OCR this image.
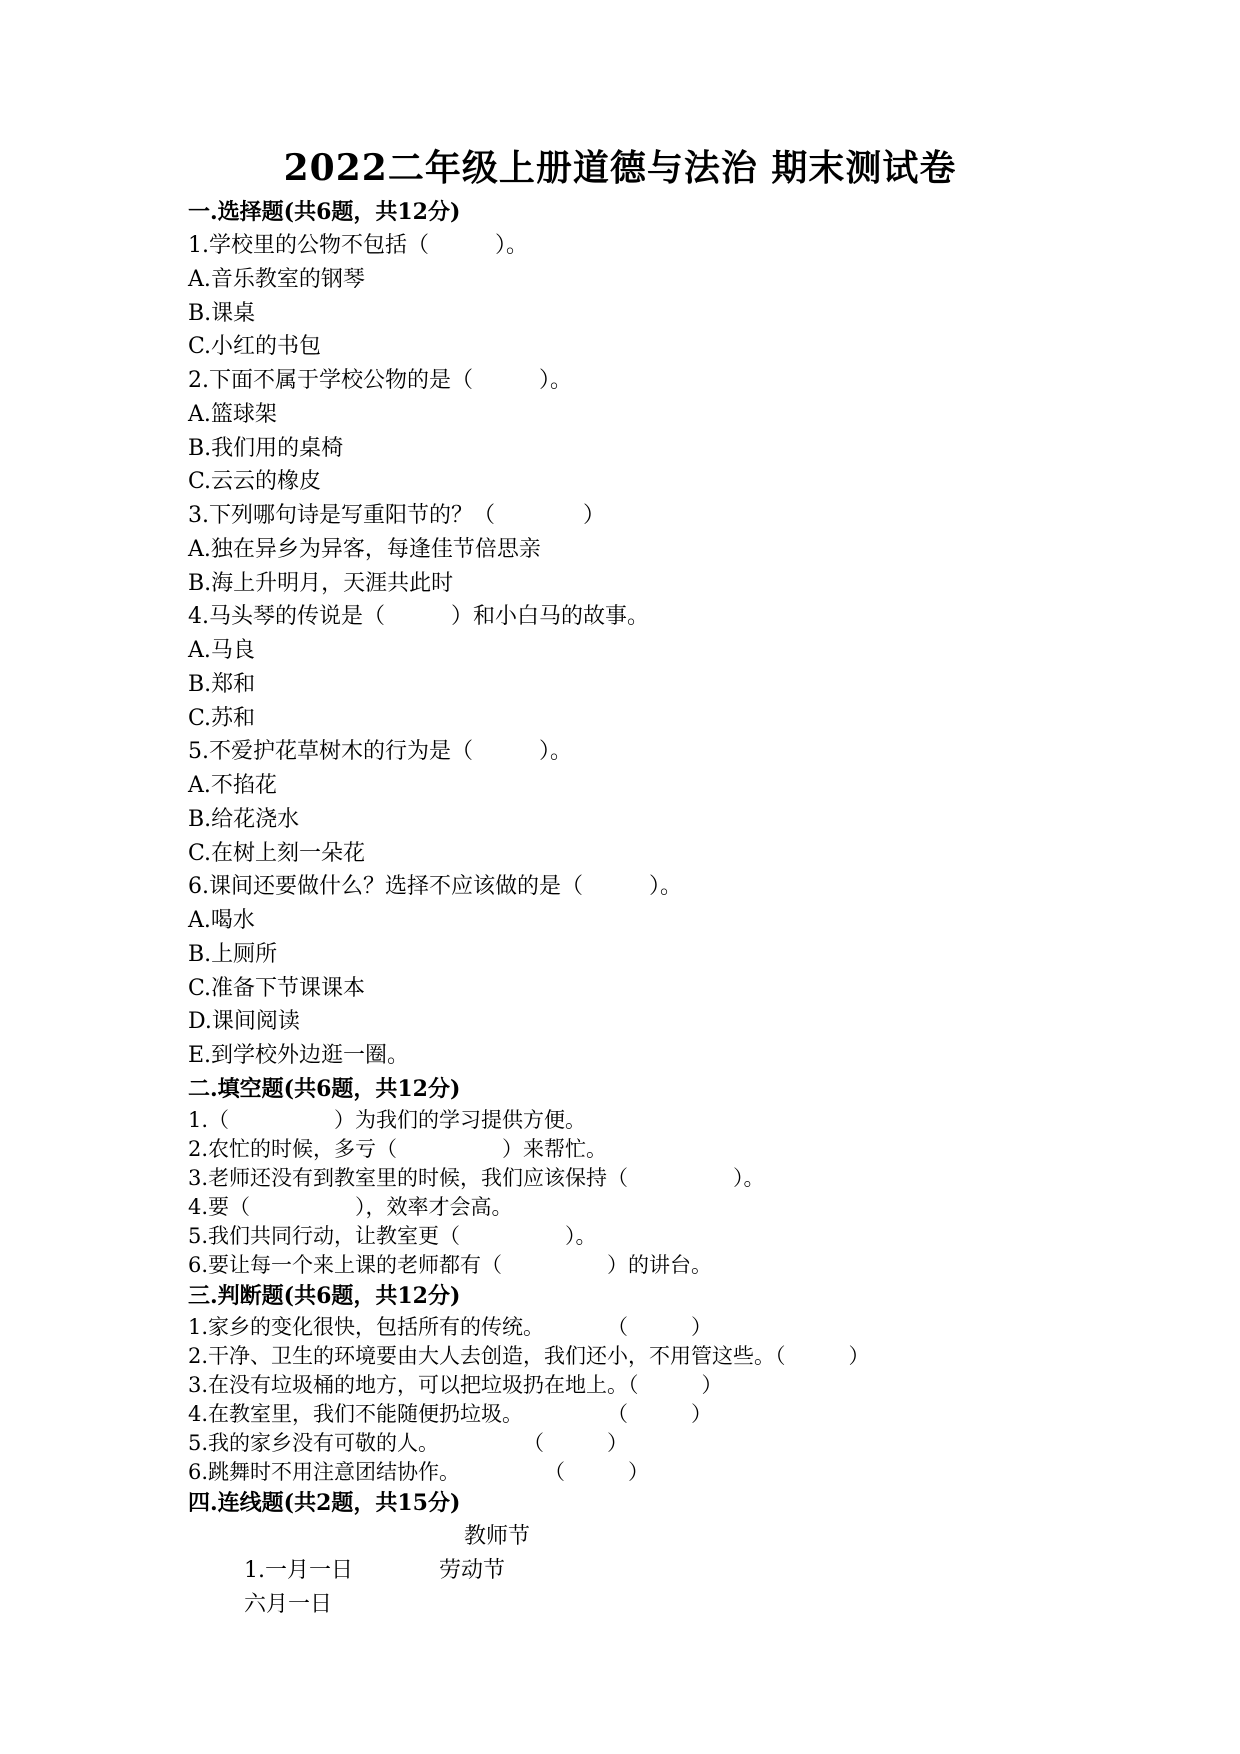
2022二年级上册道德与法治 期末测试卷
一.选择题(共6题，共12分)
1.学校里的公物不包括（　　　）。
A.音乐教室的钢琴
B.课桌
C.小红的书包
2.下面不属于学校公物的是（　　　）。
A.篮球架
B.我们用的桌椅
C.云云的橡皮
3.下列哪句诗是写重阳节的？（　　　　）
A.独在异乡为异客，每逢佳节倍思亲
B.海上升明月，天涯共此时
4.马头琴的传说是（　　　）和小白马的故事。
A.马良
B.郑和
C.苏和
5.不爱护花草树木的行为是（　　　）。
A.不掐花
B.给花浇水
C.在树上刻一朵花
6.课间还要做什么？选择不应该做的是（　　　）。
A.喝水
B.上厕所
C.准备下节课课本
D.课间阅读
E.到学校外边逛一圈。
二.填空题(共6题，共12分)
1.（　　　　　）为我们的学习提供方便。
2.农忙的时候，多亏（　　　　　）来帮忙。
3.老师还没有到教室里的时候，我们应该保持（　　　　　）。
4.要（　　　　　），效率才会高。
5.我们共同行动，让教室更（　　　　　）。
6.要让每一个来上课的老师都有（　　　　　）的讲台。
三.判断题(共6题，共12分)
1.家乡的变化很快，包括所有的传统。　　　　（　　　）
2.干净、卫生的环境要由大人去创造，我们还小，不用管这些。（　　　）
3.在没有垃圾桶的地方，可以把垃圾扔在地上。（　　　）
4.在教室里，我们不能随便扔垃圾。　　　　　（　　　）
5.我的家乡没有可敬的人。　　　　　（　　　）
6.跳舞时不用注意团结协作。　　　　　（　　　）
四.连线题(共2题，共15分)

1.一月一日

教师节

六月一日

劳动节
